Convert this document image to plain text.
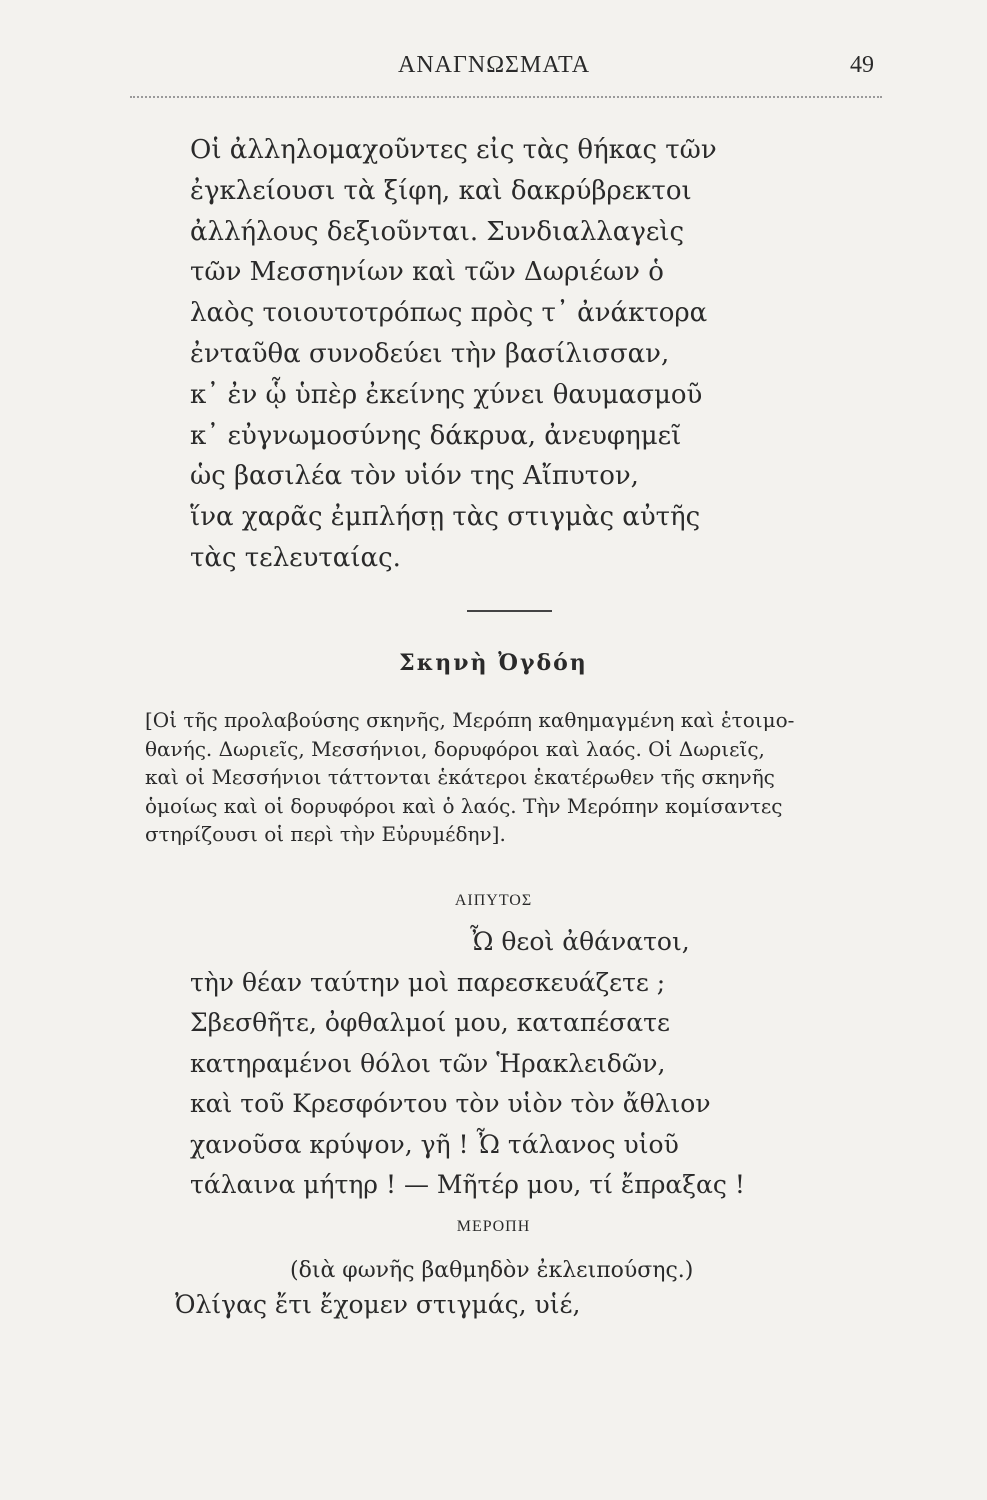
ΑΝΑΓΝΩΣΜΑΤΑ	49
Οἱ ἀλληλομαχοῦντες εἰς τὰς θήκας τῶν
ἐγκλείουσι τὰ ξίφη, καὶ δακρύβρεκτοι
ἀλλήλους δεξιοῦνται. Συνδιαλλαγεὶς
τῶν Μεσσηνίων καὶ τῶν Δωριέων ὁ
λαὸς τοιουτοτρόπως πρὸς τ᾽ ἀνάκτορα
ἐνταῦθα συνοδεύει τὴν βασίλισσαν,
κ᾽ ἐν ᾧ ὑπὲρ ἐκείνης χύνει θαυμασμοῦ
κ᾽ εὐγνωμοσύνης δάκρυα, ἀνευφημεῖ
ὡς βασιλέα τὸν υἱόν της Αἴπυτον,
ἵνα χαρᾶς ἐμπλήσῃ τὰς στιγμὰς αὐτῆς
τὰς τελευταίας.
Σκηνὴ Ὀγδόη
[Οἱ τῆς προλαβούσης σκηνῆς, Μερόπη καθημαγμένη καὶ ἑτοιμο-
θανής. Δωριεῖς, Μεσσήνιοι, δορυφόροι καὶ λαός. Οἱ Δωριεῖς,
καὶ οἱ Μεσσήνιοι τάττονται ἑκάτεροι ἑκατέρωθεν τῆς σκηνῆς
ὁμοίως καὶ οἱ δορυφόροι καὶ ὁ λαός. Τὴν Μερόπην κομίσαντες
στηρίζουσι οἱ περὶ τὴν Εὐρυμέδην].
ΑΙΠΥΤΟΣ
Ὦ θεοὶ ἀθάνατοι,
τὴν θέαν ταύτην μοὶ παρεσκευάζετε ;
Σβεσθῆτε, ὀφθαλμοί μου, καταπέσατε
κατηραμένοι θόλοι τῶν Ἡρακλειδῶν,
καὶ τοῦ Κρεσφόντου τὸν υἱὸν τὸν ἄθλιον
χανοῦσα κρύψον, γῆ ! Ὦ τάλανος υἱοῦ
τάλαινα μήτηρ ! — Μῆτέρ μου, τί ἔπραξας !
ΜΕΡΟΠΗ
(διὰ φωνῆς βαθμηδὸν ἐκλειπούσης.)
Ὀλίγας ἔτι ἔχομεν στιγμάς, υἱέ,
